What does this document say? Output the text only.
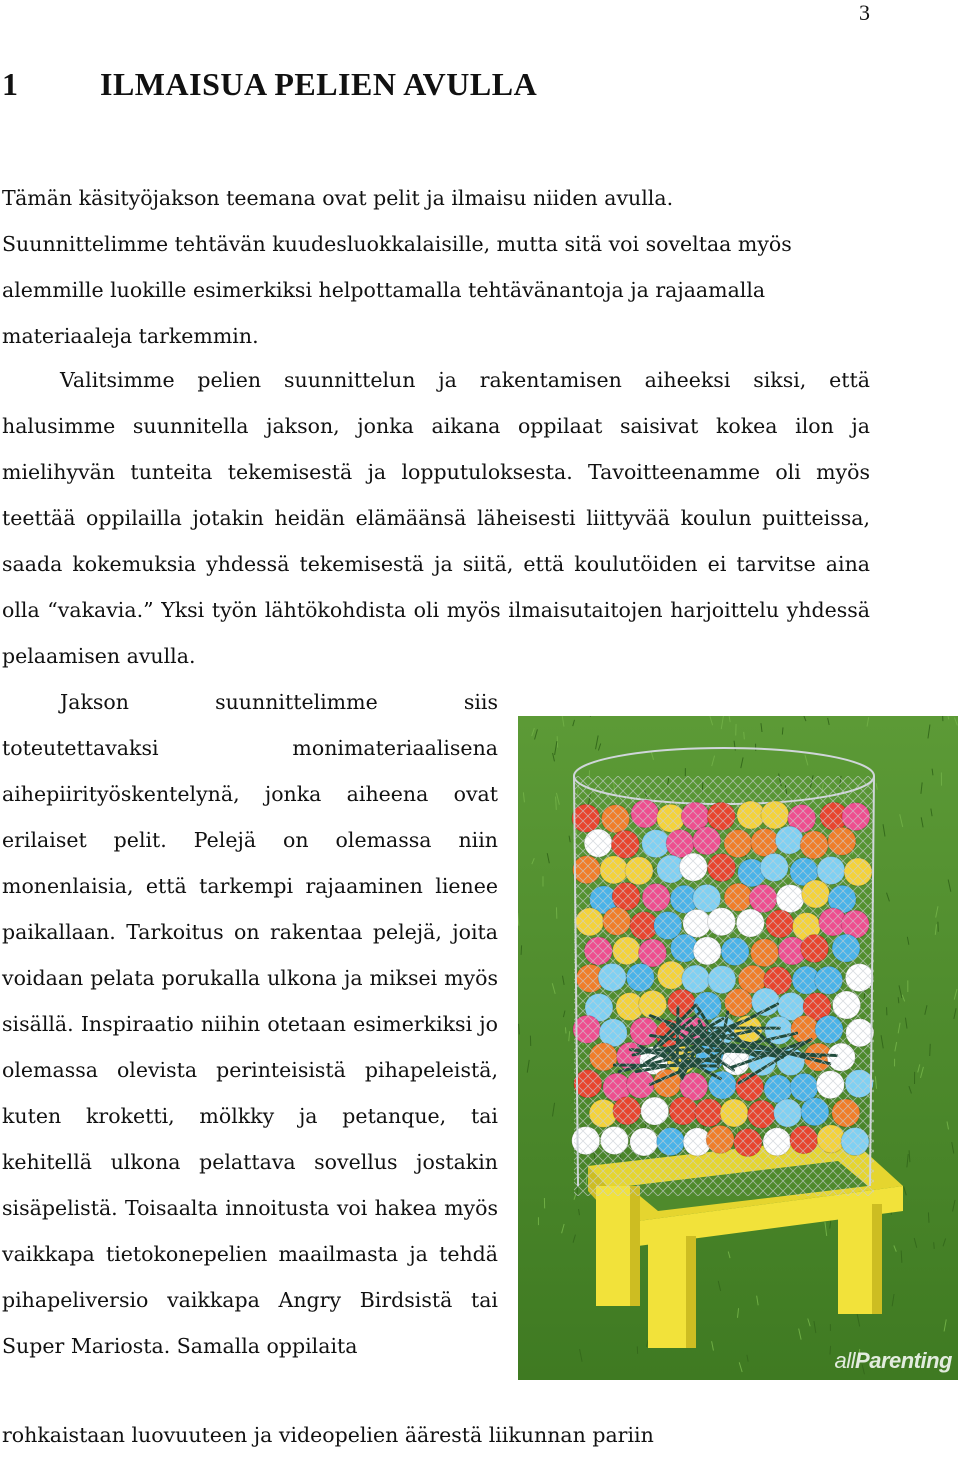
3
1	ILMAISUA PELIEN AVULLA
Tämän käsityöjakson teemana ovat pelit ja ilmaisu niiden avulla. Suunnittelimme tehtävän kuudesluokkalaisille, mutta sitä voi soveltaa myös alemmille luokille esimerkiksi helpottamalla tehtävänantoja ja rajaamalla materiaaleja tarkemmin.
Valitsimme pelien suunnittelun ja rakentamisen aiheeksi siksi, että halusimme suunnitella jakson, jonka aikana oppilaat saisivat kokea ilon ja mielihyvän tunteita tekemisestä ja lopputuloksesta. Tavoitteenamme oli myös teettää oppilailla jotakin heidän elämäänsä läheisesti liittyvää koulun puitteissa, saada kokemuksia yhdessä tekemisestä ja siitä, että koulutöiden ei tarvitse aina olla “vakavia.” Yksi työn lähtökohdista oli myös ilmaisutaitojen harjoittelu yhdessä pelaamisen avulla.
Jakson suunnittelimme siis toteutettavaksi monimateriaalisena aihepiirityöskentelynä, jonka aiheena ovat erilaiset pelit. Pelejä on olemassa niin monenlaisia, että tarkempi rajaaminen lienee paikallaan. Tarkoitus on rakentaa pelejä, joita voidaan pelata porukalla ulkona ja miksei myös sisällä. Inspiraatio niihin otetaan esimerkiksi jo olemassa olevista perinteisistä pihapeleistä, kuten kroketti, mölkky ja petanque, tai kehitellä ulkona pelattava sovellus jostakin sisäpelistä. Toisaalta innoitusta voi hakea myös vaikkapa tietokonepelien maailmasta ja tehdä pihapeliversio vaikkapa Angry Birdsistä tai Super Mariosta. Samalla oppilaita
rohkaistaan luovuuteen ja videopelien äärestä liikunnan pariin
allParenting
